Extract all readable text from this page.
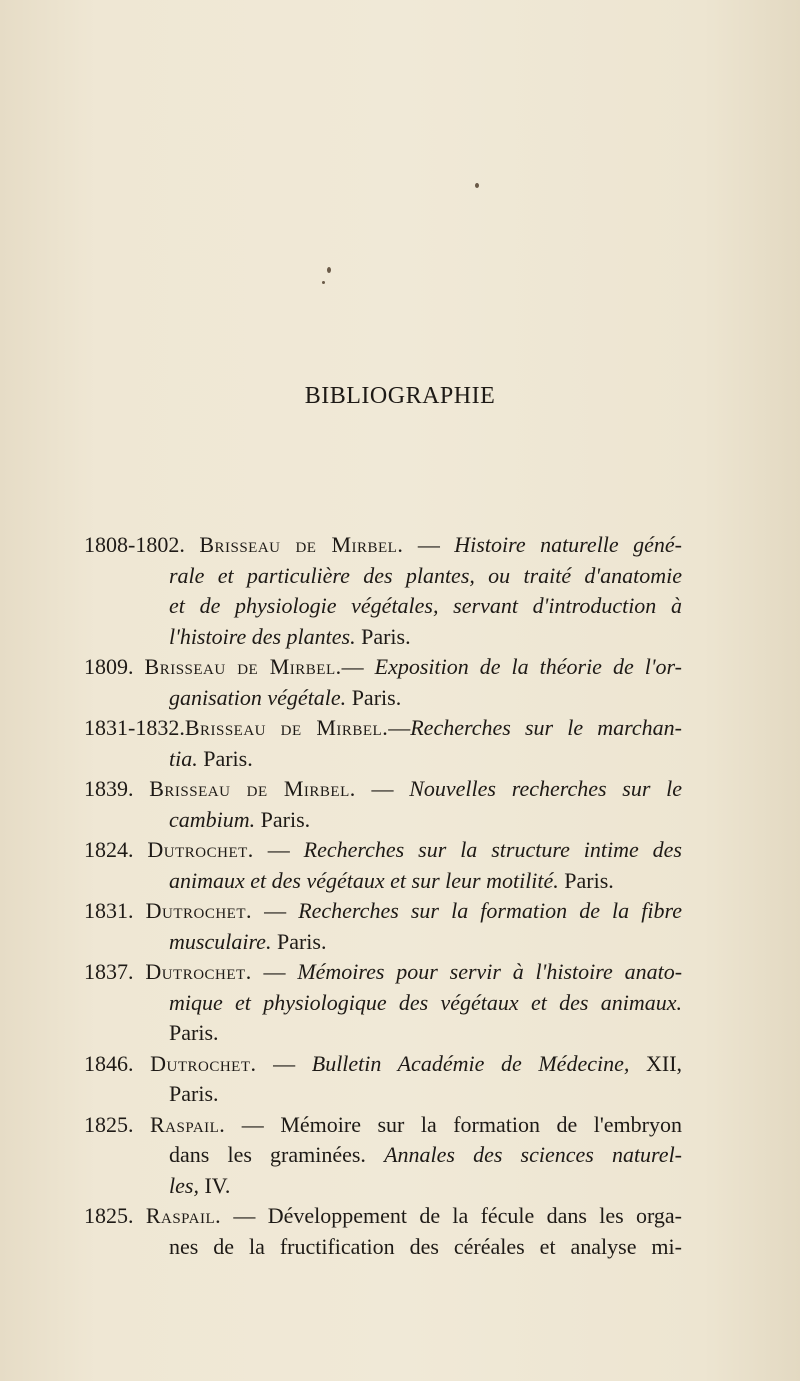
BIBLIOGRAPHIE
1808-1802. Brisseau de Mirbel. — Histoire naturelle géné-
rale et particulière des plantes, ou traité d'anatomie
et de physiologie végétales, servant d'introduction à
l'histoire des plantes. Paris.
1809. Brisseau de Mirbel.— Exposition de la théorie de l'or-
ganisation végétale. Paris.
1831-1832.Brisseau de Mirbel.—Recherches sur le marchan-
tia. Paris.
1839. Brisseau de Mirbel. — Nouvelles recherches sur le
cambium. Paris.
1824. Dutrochet. — Recherches sur la structure intime des
animaux et des végétaux et sur leur motilité. Paris.
1831. Dutrochet. — Recherches sur la formation de la fibre
musculaire. Paris.
1837. Dutrochet. — Mémoires pour servir à l'histoire anato-
mique et physiologique des végétaux et des animaux.
Paris.
1846. Dutrochet. — Bulletin Académie de Médecine, XII,
Paris.
1825. Raspail. — Mémoire sur la formation de l'embryon
dans les graminées. Annales des sciences naturel-
les, IV.
1825. Raspail. — Développement de la fécule dans les orga-
nes de la fructification des céréales et analyse mi-
